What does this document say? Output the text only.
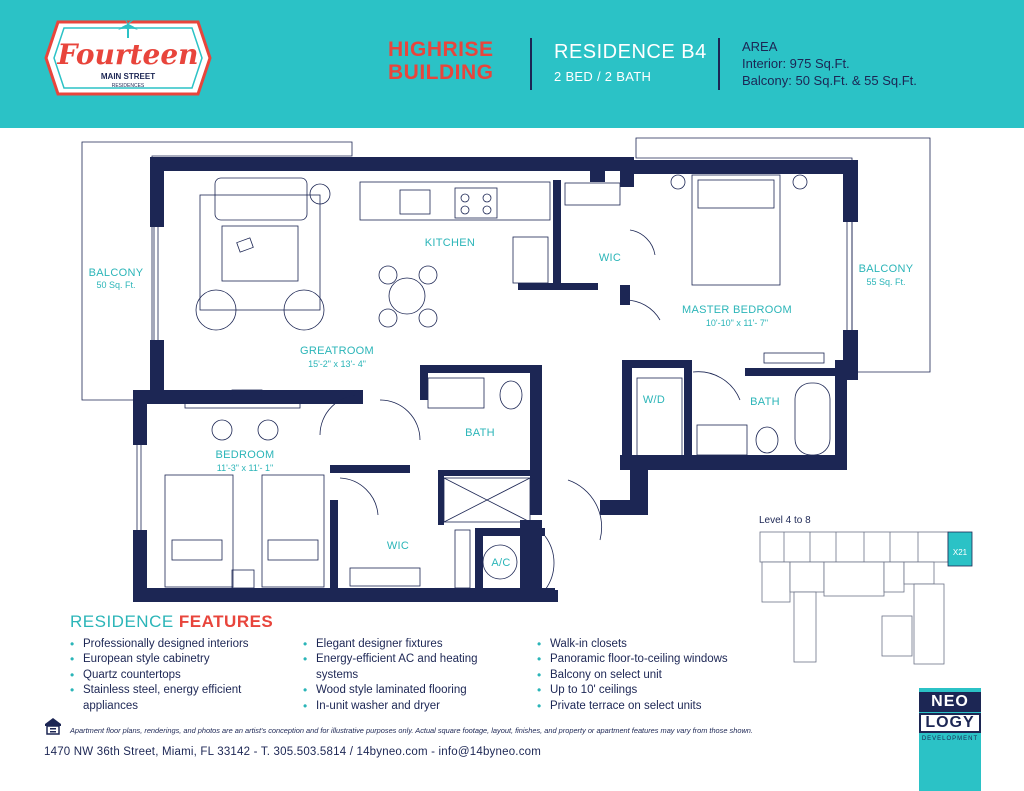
Fourteen
MAIN STREET
RESIDENCES
HIGHRISE
BUILDING
RESIDENCE B4
2 BED / 2 BATH
AREA
Interior: 975 Sq.Ft.
Balcony: 50 Sq.Ft. & 55 Sq.Ft.
BALCONY
50 Sq. Ft.
BALCONY
55 Sq. Ft.
KITCHEN
WIC
MASTER BEDROOM
10'-10" x 11'- 7"
GREATROOM
15'-2" x 13'- 4"
W/D	BATH
BATH
BEDROOM
11'-3" x 11'- 1"
WIC
A/C
Level 4 to 8
X21
RESIDENCE FEATURES
• Professionally designed interiors
• European style cabinetry
• Quartz countertops
• Stainless steel, energy efficient
appliances
• Elegant designer fixtures
• Energy-efficient AC and heating
systems
• Wood style laminated flooring
• In-unit washer and dryer
• Walk-in closets
• Panoramic floor-to-ceiling windows
• Balcony on select unit
• Up to 10' ceilings
• Private terrace on select units
Apartment floor plans, renderings, and photos are an artist's conception and for illustrative purposes only. Actual square footage, layout, finishes, and property or apartment features may vary from those shown.
1470 NW 36th Street, Miami, FL 33142 - T. 305.503.5814 / 14byneo.com - info@14byneo.com
NEO
LOGY
DEVELOPMENT
